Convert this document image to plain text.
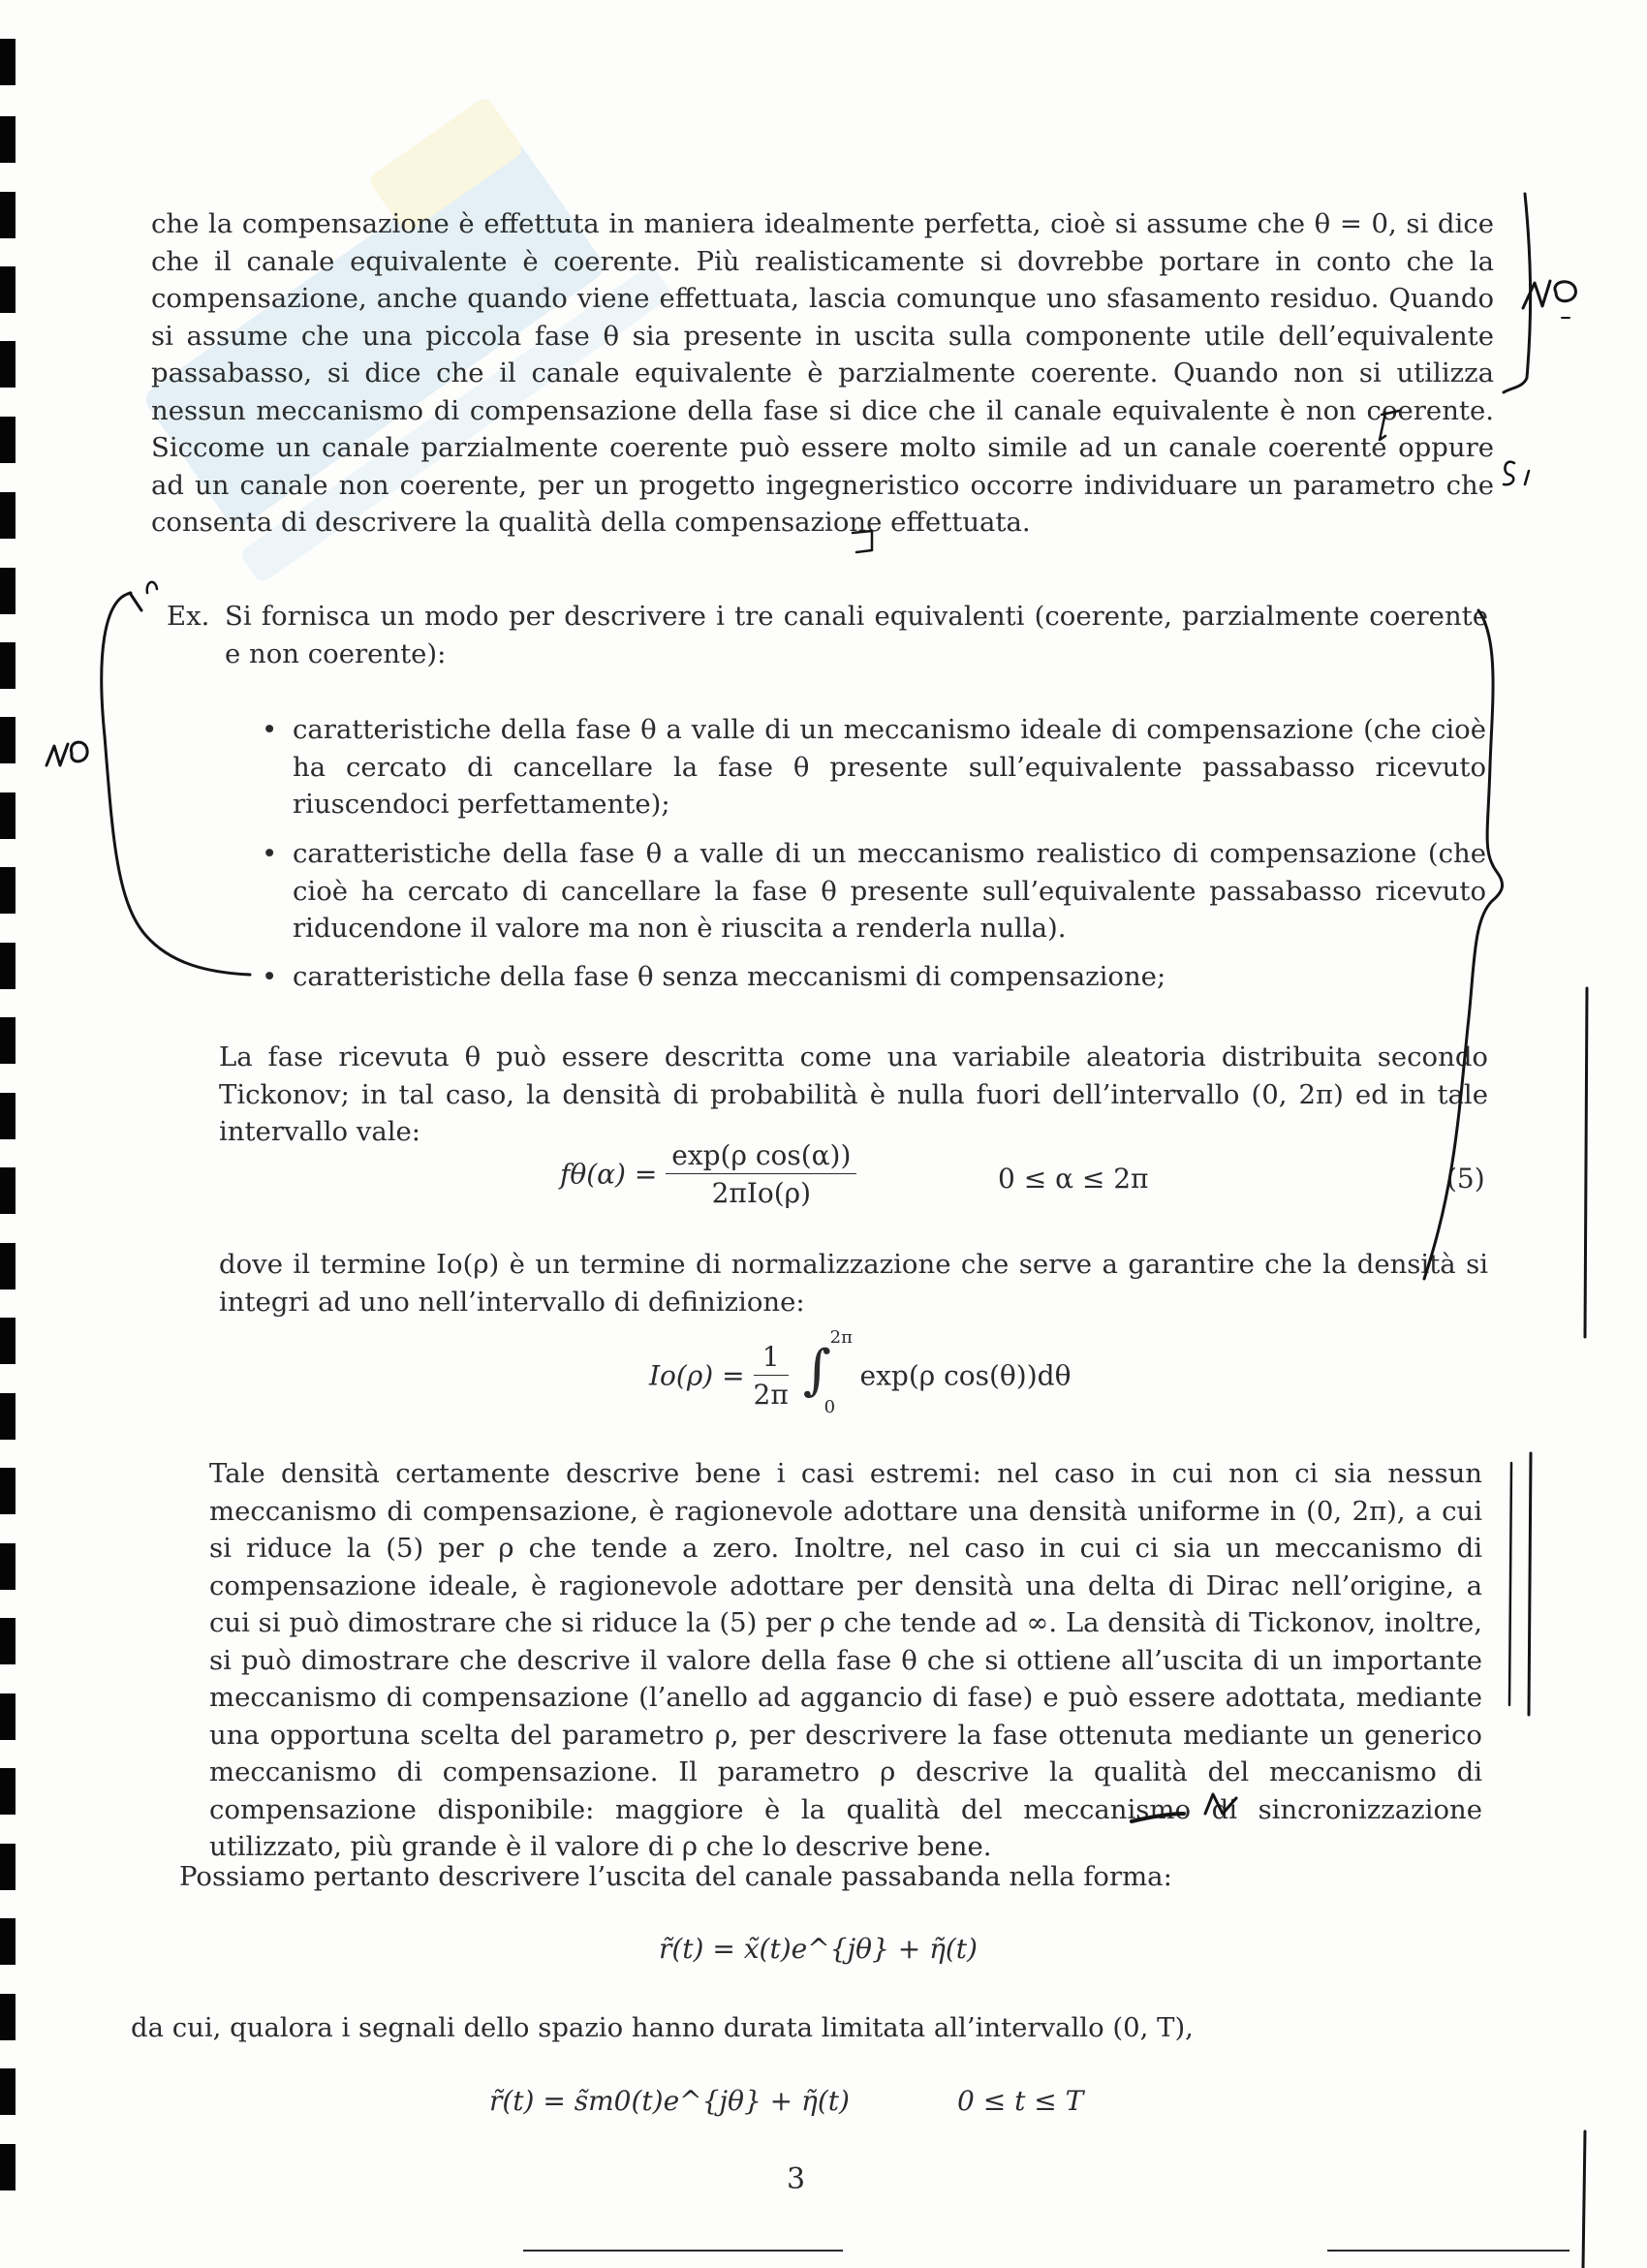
che la compensazione è effettuta in maniera idealmente perfetta, cioè si assume che θ = 0, si dice che il canale equivalente è coerente. Più realisticamente si dovrebbe portare in conto che la compensazione, anche quando viene effettuata, lascia comunque uno sfasamento residuo. Quando si assume che una piccola fase θ sia presente in uscita sulla componente utile dell’equivalente passabasso, si dice che il canale equivalente è parzialmente coerente. Quando non si utilizza nessun meccanismo di compensazione della fase si dice che il canale equivalente è non coerente. Siccome un canale parzialmente coerente può essere molto simile ad un canale coerente oppure ad un canale non coerente, per un progetto ingegneristico occorre individuare un parametro che consenta di descrivere la qualità della compensazione effettuata.

Ex. Si fornisca un modo per descrivere i tre canali equivalenti (coerente, parzialmente coerente e non coerente):

• caratteristiche della fase θ a valle di un meccanismo ideale di compensazione (che cioè ha cercato di cancellare la fase θ presente sull’equivalente passabasso ricevuto riuscendoci perfettamente);
• caratteristiche della fase θ a valle di un meccanismo realistico di compensazione (che cioè ha cercato di cancellare la fase θ presente sull’equivalente passabasso ricevuto riducendone il valore ma non è riuscita a renderla nulla).
• caratteristiche della fase θ senza meccanismi di compensazione;

La fase ricevuta θ può essere descritta come una variabile aleatoria distribuita secondo Tickonov; in tal caso, la densità di probabilità è nulla fuori dell’intervallo (0, 2π) ed in tale intervallo vale:

$f\theta(\alpha) = \frac{\text{exp(ρ cos(α))}}{\text{2πIo(ρ)}}$	0 ≤ α ≤ 2π	(5)

dove il termine Io(ρ) è un termine di normalizzazione che serve a garantire che la densità si integri ad uno nell’intervallo di definizione:

$Io(\rho) = \frac{1}{2\pi}$
∫
2π
0
exp(ρ cos(θ))dθ

Tale densità certamente descrive bene i casi estremi: nel caso in cui non ci sia nessun meccanismo di compensazione, è ragionevole adottare una densità uniforme in (0, 2π), a cui si riduce la (5) per ρ che tende a zero. Inoltre, nel caso in cui ci sia un meccanismo di compensazione ideale, è ragionevole adottare per densità una delta di Dirac nell’origine, a cui si può dimostrare che si riduce la (5) per ρ che tende ad ∞. La densità di Tickonov, inoltre, si può dimostrare che descrive il valore della fase θ che si ottiene all’uscita di un importante meccanismo di compensazione (l’anello ad aggancio di fase) e può essere adottata, mediante una opportuna scelta del parametro ρ, per descrivere la fase ottenuta mediante un generico meccanismo di compensazione. Il parametro ρ descrive la qualità del meccanismo di compensazione disponibile: maggiore è la qualità del meccanismo di sincronizzazione utilizzato, più grande è il valore di ρ che lo descrive bene.

Possiamo pertanto descrivere l’uscita del canale passabanda nella forma:

r̃(t) = x̃(t)e^{jθ} + η̃(t)

da cui, qualora i segnali dello spazio hanno durata limitata all’intervallo (0, T),

r̃(t) = s̃m0(t)e^{jθ} + η̃(t)	0 ≤ t ≤ T
3
